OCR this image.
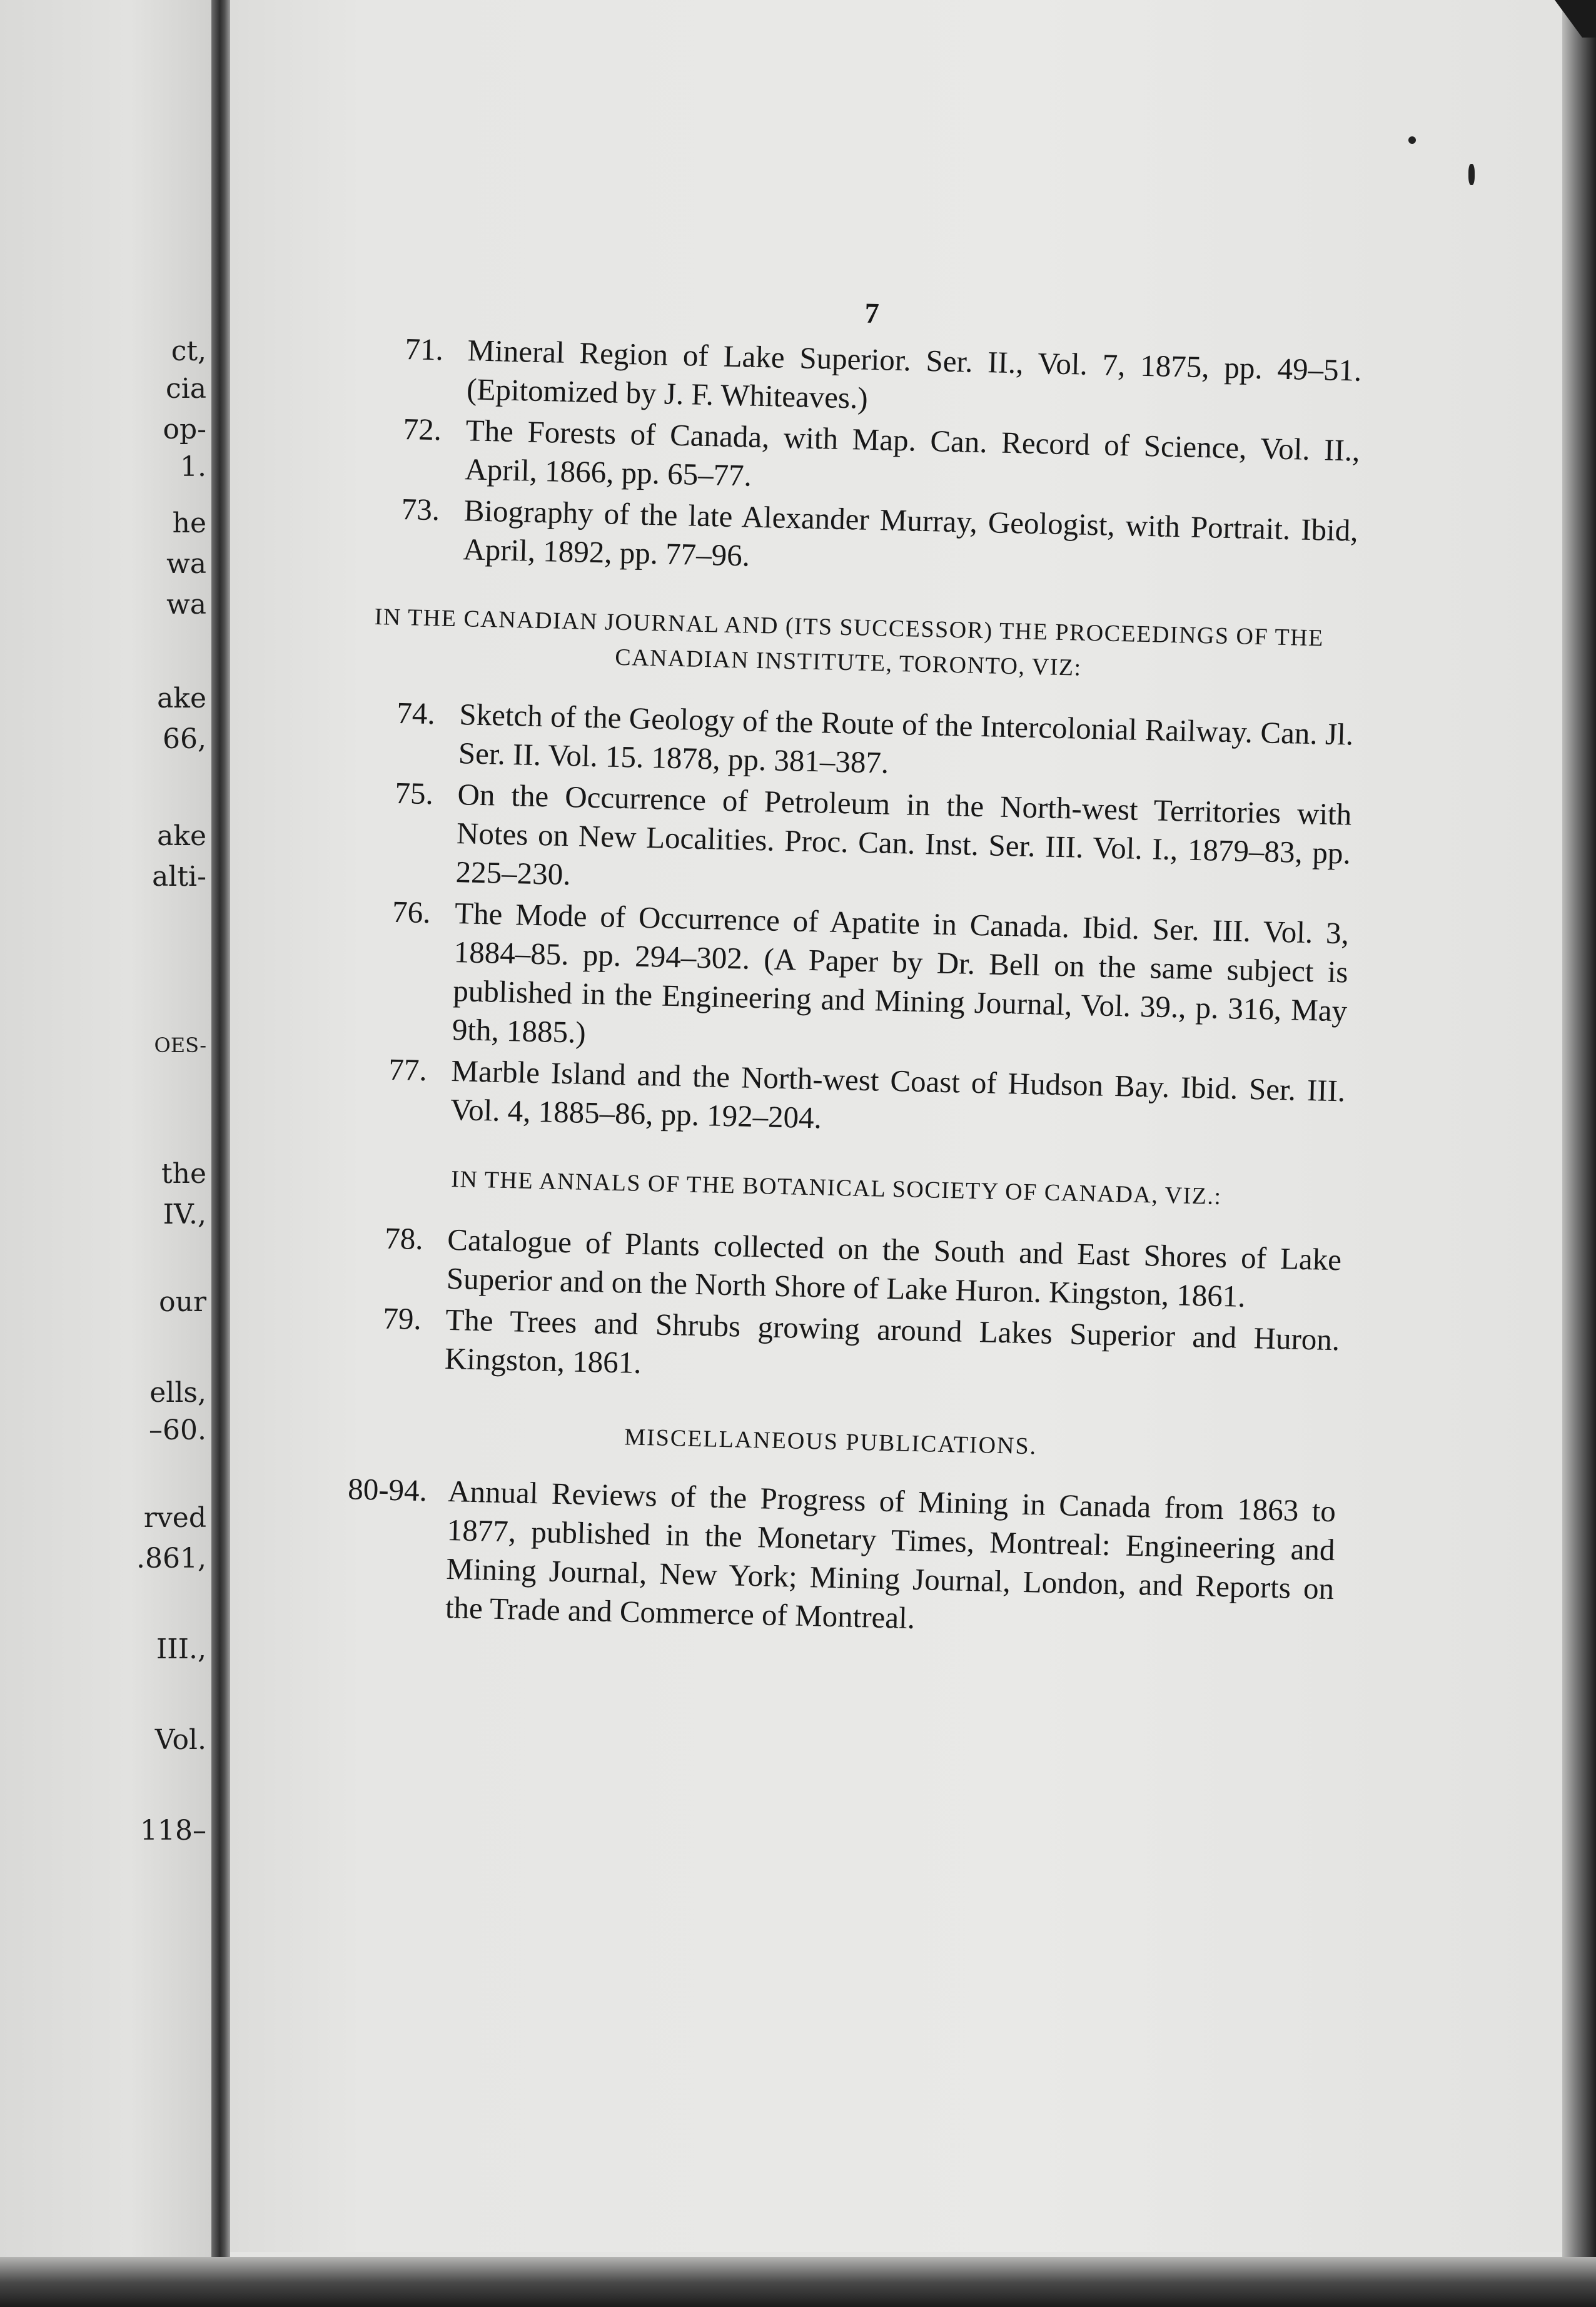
ct,
cia
op-
1.
he
wa
wa
ake
66,
ake
alti-
OES-
the
IV.,
our
ells,
–60.
rved
.861,
III.,
Vol.
118–
7
71. Mineral Region of Lake Superior. Ser. II., Vol. 7, 1875, pp. 49–51. (Epitomized by J. F. Whiteaves.)
72. The Forests of Canada, with Map. Can. Record of Science, Vol. II., April, 1866, pp. 65–77.
73. Biography of the late Alexander Murray, Geologist, with Portrait. Ibid, April, 1892, pp. 77–96.
IN THE CANADIAN JOURNAL AND (ITS SUCCESSOR) THE PROCEEDINGS OF THE CANADIAN INSTITUTE, TORONTO, VIZ:
74. Sketch of the Geology of the Route of the Intercolonial Railway. Can. Jl. Ser. II. Vol. 15. 1878, pp. 381–387.
75. On the Occurrence of Petroleum in the North-west Territories with Notes on New Localities. Proc. Can. Inst. Ser. III. Vol. I., 1879–83, pp. 225–230.
76. The Mode of Occurrence of Apatite in Canada. Ibid. Ser. III. Vol. 3, 1884–85. pp. 294–302. (A Paper by Dr. Bell on the same subject is published in the Engineering and Mining Journal, Vol. 39., p. 316, May 9th, 1885.)
77. Marble Island and the North-west Coast of Hudson Bay. Ibid. Ser. III. Vol. 4, 1885–86, pp. 192–204.
IN THE ANNALS OF THE BOTANICAL SOCIETY OF CANADA, VIZ.:
78. Catalogue of Plants collected on the South and East Shores of Lake Superior and on the North Shore of Lake Huron. Kingston, 1861.
79. The Trees and Shrubs growing around Lakes Superior and Huron. Kingston, 1861.
MISCELLANEOUS PUBLICATIONS.
80-94. Annual Reviews of the Progress of Mining in Canada from 1863 to 1877, published in the Monetary Times, Montreal: Engineering and Mining Journal, New York; Mining Journal, London, and Reports on the Trade and Commerce of Montreal.
